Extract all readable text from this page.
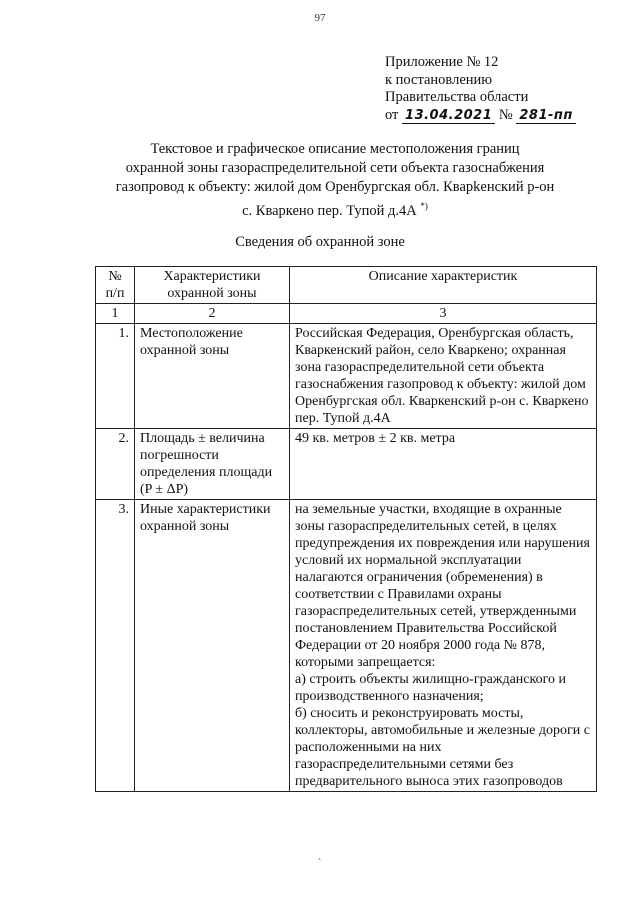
97
Приложение № 12
к постановлению
Правительства области
от 13.04.2021 № 281-пп
Текстовое и графическое описание местоположения границ
охранной зоны газораспределительной сети объекта газоснабжения
газопровод к объекту: жилой дом Оренбургская обл. Кварkенский р-он
с. Кваркено пер. Тупой д.4А *)
Сведения об охранной зоне
№ п/п	Характеристики охранной зоны	Описание характеристик
1	2	3
1.	Местоположение охранной зоны	Российская Федерация, Оренбургская область, Кваркенский район, село Кваркено; охранная зона газораспределительной сети объекта газоснабжения газопровод к объекту: жилой дом Оренбургская обл. Кваркенский р-он с. Кваркено пер. Тупой д.4А
2.	Площадь ± величина погрешности определения площади (P ± ΔP)	49 кв. метров ± 2 кв. метра
3.	Иные характеристики охранной зоны	на земельные участки, входящие в охранные зоны газораспределительных сетей, в целях предупреждения их повреждения или нарушения условий их нормальной эксплуатации налагаются ограничения (обременения) в соответствии с Правилами охраны газораспределительных сетей, утвержденными постановлением Правительства Российской Федерации от 20 ноября 2000 года № 878, которыми запрещается:
а) строить объекты жилищно-гражданского и производственного назначения;
б) сносить и реконструировать мосты, коллекторы, автомобильные и железные дороги с расположенными на них газораспределительными сетями без предварительного выноса этих газопроводов
`
